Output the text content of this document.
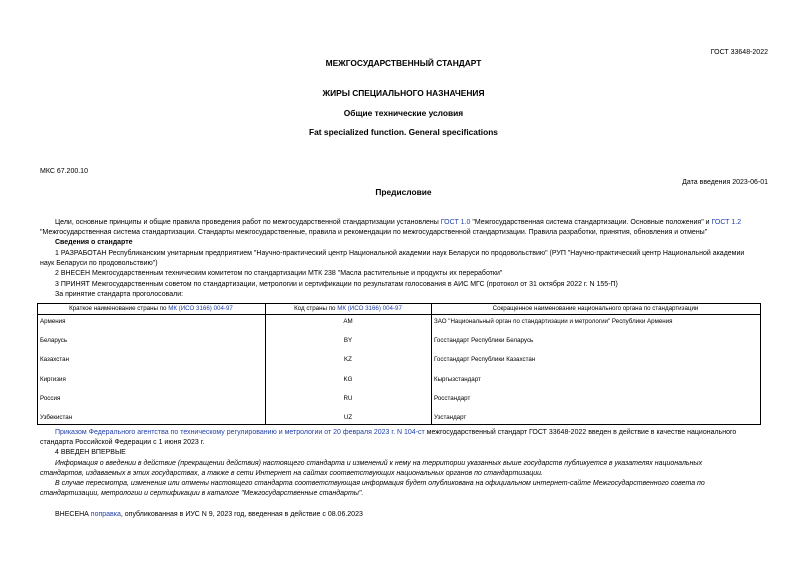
ГОСТ 33648-2022
МЕЖГОСУДАРСТВЕННЫЙ СТАНДАРТ
ЖИРЫ СПЕЦИАЛЬНОГО НАЗНАЧЕНИЯ
Общие технические условия
Fat specialized function. General specifications
МКС 67.200.10
Дата введения 2023-06-01
Предисловие
Цели, основные принципы и общие правила проведения работ по межгосударственной стандартизации установлены ГОСТ 1.0 "Межгосударственная система стандартизации. Основные положения" и ГОСТ 1.2
"Межгосударственная система стандартизации. Стандарты межгосударственные, правила и рекомендации по межгосударственной стандартизации. Правила разработки, принятия, обновления и отмены"
Сведения о стандарте
1 РАЗРАБОТАН Республиканским унитарным предприятием "Научно-практический центр Национальной академии наук Беларуси по продовольствию" (РУП "Научно-практический центр Национальной академии
наук Беларуси по продовольствию")
2 ВНЕСЕН Межгосударственным техническим комитетом по стандартизации МТК 238 "Масла растительные и продукты их переработки"
3 ПРИНЯТ Межгосударственным советом по стандартизации, метрологии и сертификации по результатам голосования в АИС МГС (протокол от 31 октября 2022 г. N 155-П)
За принятие стандарта проголосовали:
Краткое наименование страны по МК (ИСО 3166) 004-97	Код страны по МК (ИСО 3166) 004-97	Сокращенное наименование национального органа по стандартизации
Армения	AM	ЗАО "Национальный орган по стандартизации и метрологии" Республики Армения
Беларусь	BY	Госстандарт Республики Беларусь
Казахстан	KZ	Госстандарт Республики Казахстан
Киргизия	KG	Кыргызстандарт
Россия	RU	Росстандарт
Узбекистан	UZ	Узстандарт
Приказом Федерального агентства по техническому регулированию и метрологии от 20 февраля 2023 г. N 104-ст межгосударственный стандарт ГОСТ 33648-2022 введен в действие в качестве национального
стандарта Российской Федерации с 1 июня 2023 г.
4 ВВЕДЕН ВПЕРВЫЕ
Информация о введении в действие (прекращении действия) настоящего стандарта и изменений к нему на территории указанных выше государств публикуется в указателях национальных
стандартов, издаваемых в этих государствах, а также в сети Интернет на сайтах соответствующих национальных органов по стандартизации.
В случае пересмотра, изменения или отмены настоящего стандарта соответствующая информация будет опубликована на официальном интернет-сайте Межгосударственного совета по
стандартизации, метрологии и сертификации в каталоге "Межгосударственные стандарты".
ВНЕСЕНА поправка, опубликованная в ИУС N 9, 2023 год, введенная в действие с 08.06.2023
